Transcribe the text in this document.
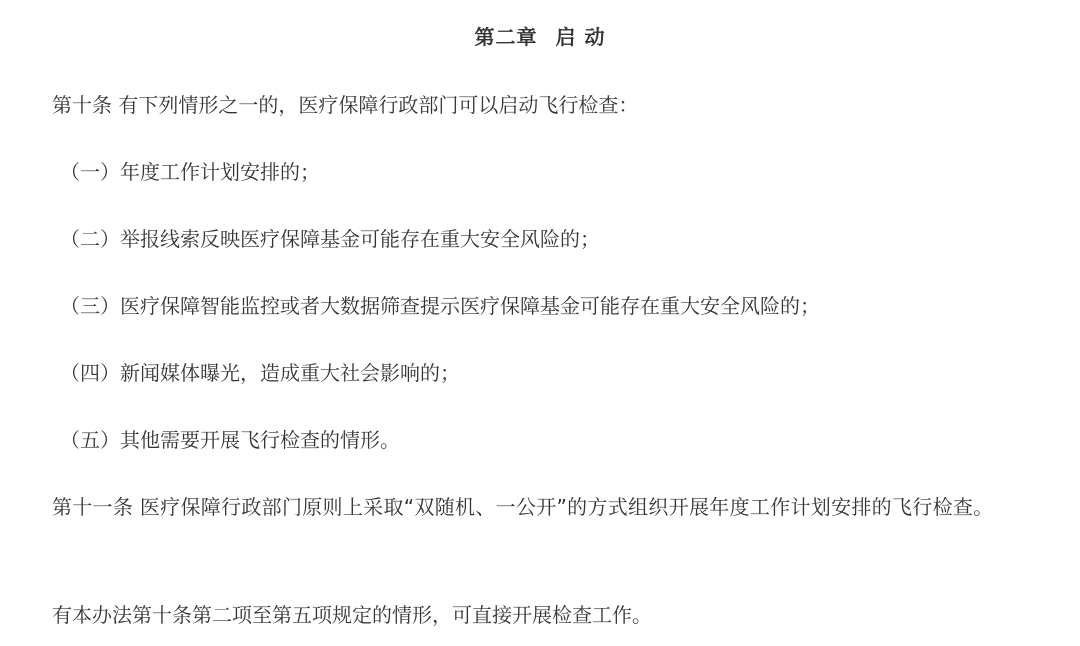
第二章 启 动
第十条 有下列情形之一的，医疗保障行政部门可以启动飞行检查：
（一）年度工作计划安排的；
（二）举报线索反映医疗保障基金可能存在重大安全风险的；
（三）医疗保障智能监控或者大数据筛查提示医疗保障基金可能存在重大安全风险的；
（四）新闻媒体曝光，造成重大社会影响的；
（五）其他需要开展飞行检查的情形。
第十一条 医疗保障行政部门原则上采取“双随机、一公开”的方式组织开展年度工作计划安排的飞行检查。
有本办法第十条第二项至第五项规定的情形，可直接开展检查工作。
